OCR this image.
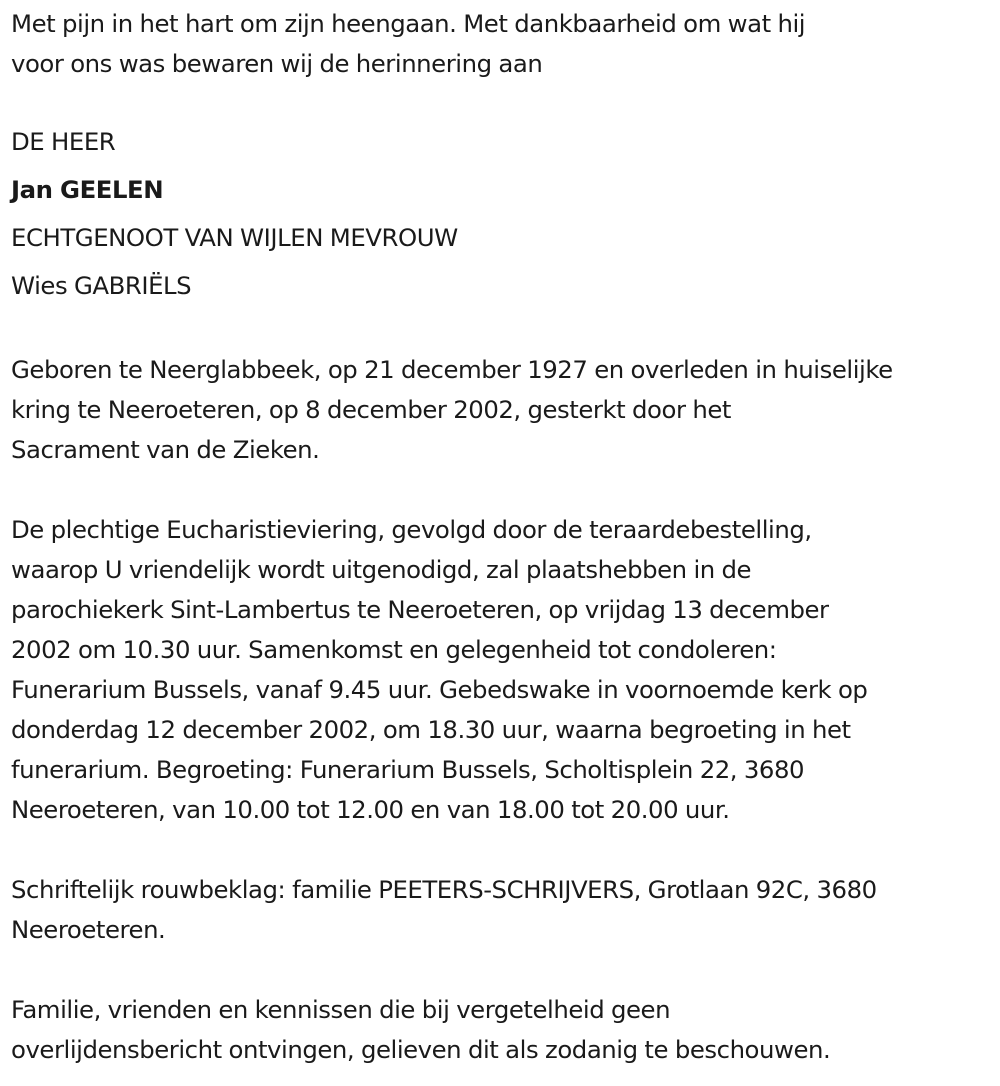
Met pijn in het hart om zijn heengaan. Met dankbaarheid om wat hij
voor ons was bewaren wij de herinnering aan
DE HEER
Jan GEELEN
ECHTGENOOT VAN WIJLEN MEVROUW
Wies GABRIËLS
Geboren te Neerglabbeek, op 21 december 1927 en overleden in huiselijke
kring te Neeroeteren, op 8 december 2002, gesterkt door het
Sacrament van de Zieken.
De plechtige Eucharistieviering, gevolgd door de teraardebestelling,
waarop U vriendelijk wordt uitgenodigd, zal plaatshebben in de
parochiekerk Sint-Lambertus te Neeroeteren, op vrijdag 13 december
2002 om 10.30 uur. Samenkomst en gelegenheid tot condoleren:
Funerarium Bussels, vanaf 9.45 uur. Gebedswake in voornoemde kerk op
donderdag 12 december 2002, om 18.30 uur, waarna begroeting in het
funerarium. Begroeting: Funerarium Bussels, Scholtisplein 22, 3680
Neeroeteren, van 10.00 tot 12.00 en van 18.00 tot 20.00 uur.
Schriftelijk rouwbeklag: familie PEETERS-SCHRIJVERS, Grotlaan 92C, 3680
Neeroeteren.
Familie, vrienden en kennissen die bij vergetelheid geen
overlijdensbericht ontvingen, gelieven dit als zodanig te beschouwen.
